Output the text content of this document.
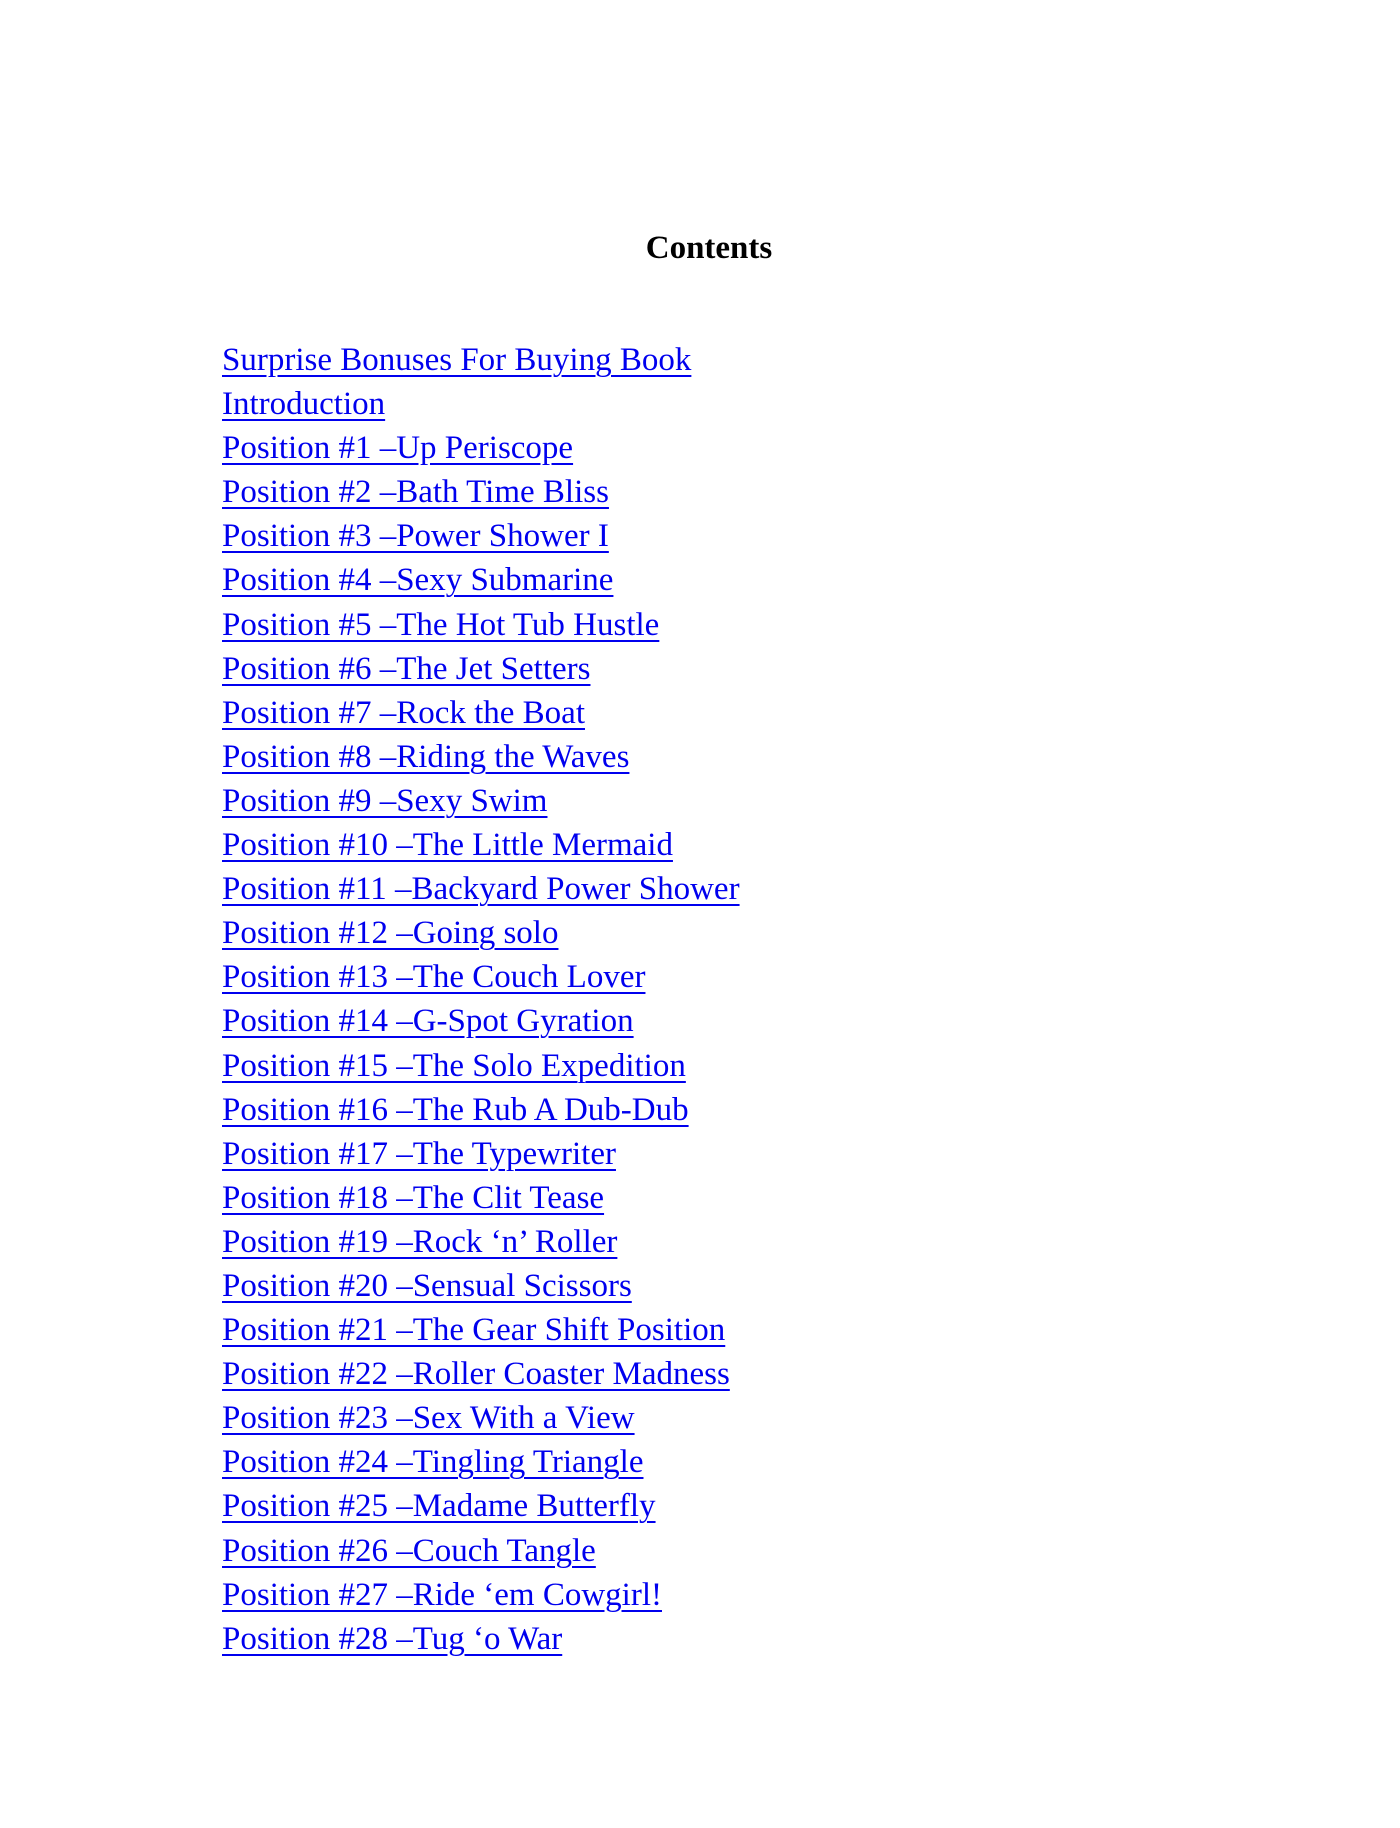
Contents
Surprise Bonuses For Buying Book
Introduction
Position #1 –Up Periscope
Position #2 –Bath Time Bliss
Position #3 –Power Shower I
Position #4 –Sexy Submarine
Position #5 –The Hot Tub Hustle
Position #6 –The Jet Setters
Position #7 –Rock the Boat
Position #8 –Riding the Waves
Position #9 –Sexy Swim
Position #10 –The Little Mermaid
Position #11 –Backyard Power Shower
Position #12 –Going solo
Position #13 –The Couch Lover
Position #14 –G-Spot Gyration
Position #15 –The Solo Expedition
Position #16 –The Rub A Dub-Dub
Position #17 –The Typewriter
Position #18 –The Clit Tease
Position #19 –Rock ‘n’ Roller
Position #20 –Sensual Scissors
Position #21 –The Gear Shift Position
Position #22 –Roller Coaster Madness
Position #23 –Sex With a View
Position #24 –Tingling Triangle
Position #25 –Madame Butterfly
Position #26 –Couch Tangle
Position #27 –Ride ‘em Cowgirl!
Position #28 –Tug ‘o War
